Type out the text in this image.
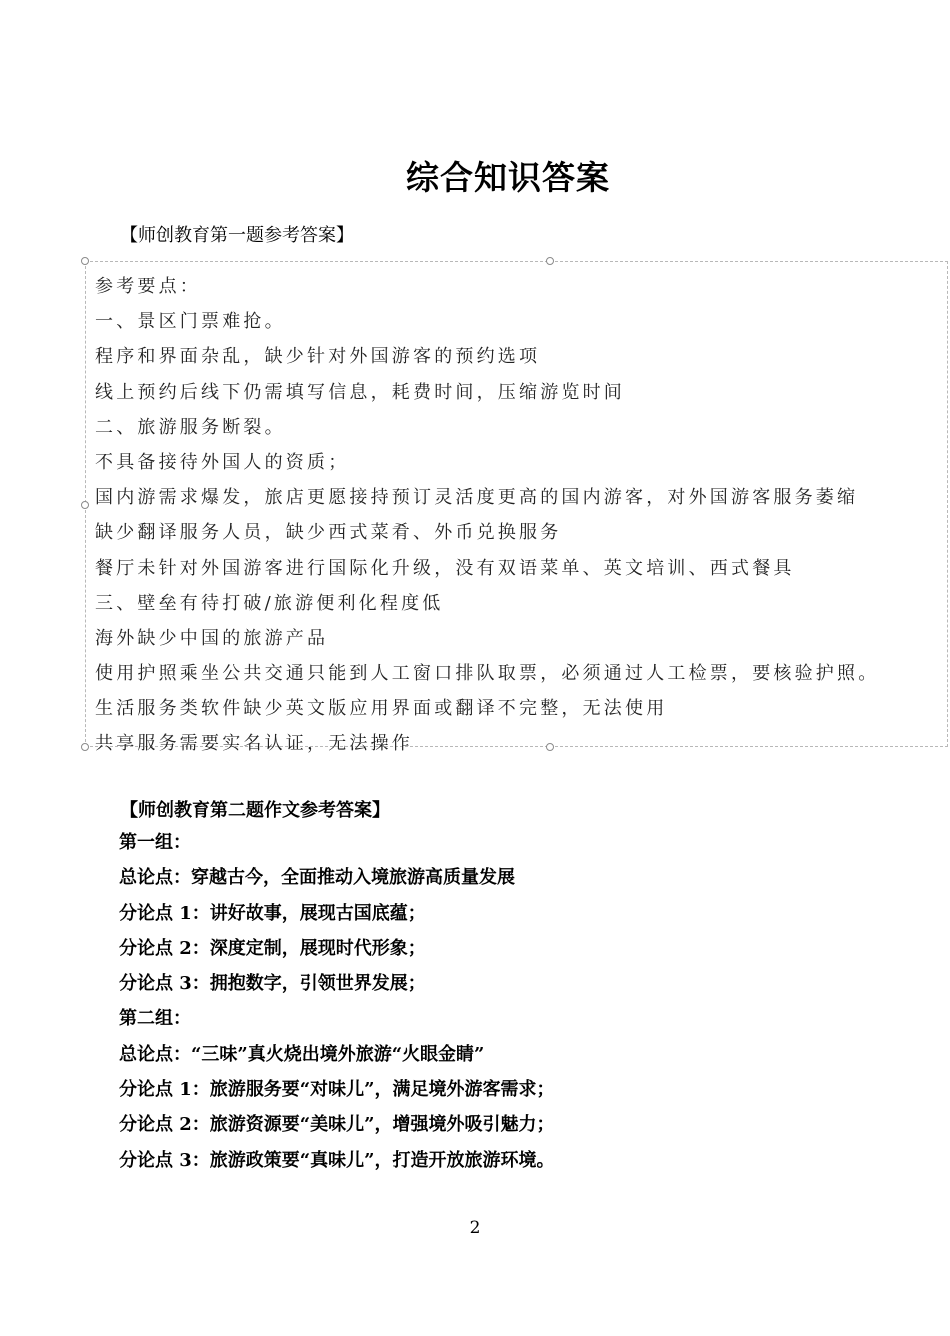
综合知识答案
【师创教育第一题参考答案】
参考要点：
一、景区门票难抢。
程序和界面杂乱，缺少针对外国游客的预约选项
线上预约后线下仍需填写信息，耗费时间，压缩游览时间
二、旅游服务断裂。
不具备接待外国人的资质；
国内游需求爆发，旅店更愿接持预订灵活度更高的国内游客，对外国游客服务萎缩
缺少翻译服务人员，缺少西式菜肴、外币兑换服务
餐厅未针对外国游客进行国际化升级，没有双语菜单、英文培训、西式餐具
三、壁垒有待打破/旅游便利化程度低
海外缺少中国的旅游产品
使用护照乘坐公共交通只能到人工窗口排队取票，必须通过人工检票，要核验护照。
生活服务类软件缺少英文版应用界面或翻译不完整，无法使用
共享服务需要实名认证，无法操作
【师创教育第二题作文参考答案】
第一组：
总论点：穿越古今，全面推动入境旅游高质量发展
分论点 1：讲好故事，展现古国底蕴；
分论点 2：深度定制，展现时代形象；
分论点 3：拥抱数字，引领世界发展；
第二组：
总论点：“三味”真火烧出境外旅游“火眼金睛”
分论点 1：旅游服务要“对味儿”，满足境外游客需求；
分论点 2：旅游资源要“美味儿”，增强境外吸引魅力；
分论点 3：旅游政策要“真味儿”，打造开放旅游环境。
2
